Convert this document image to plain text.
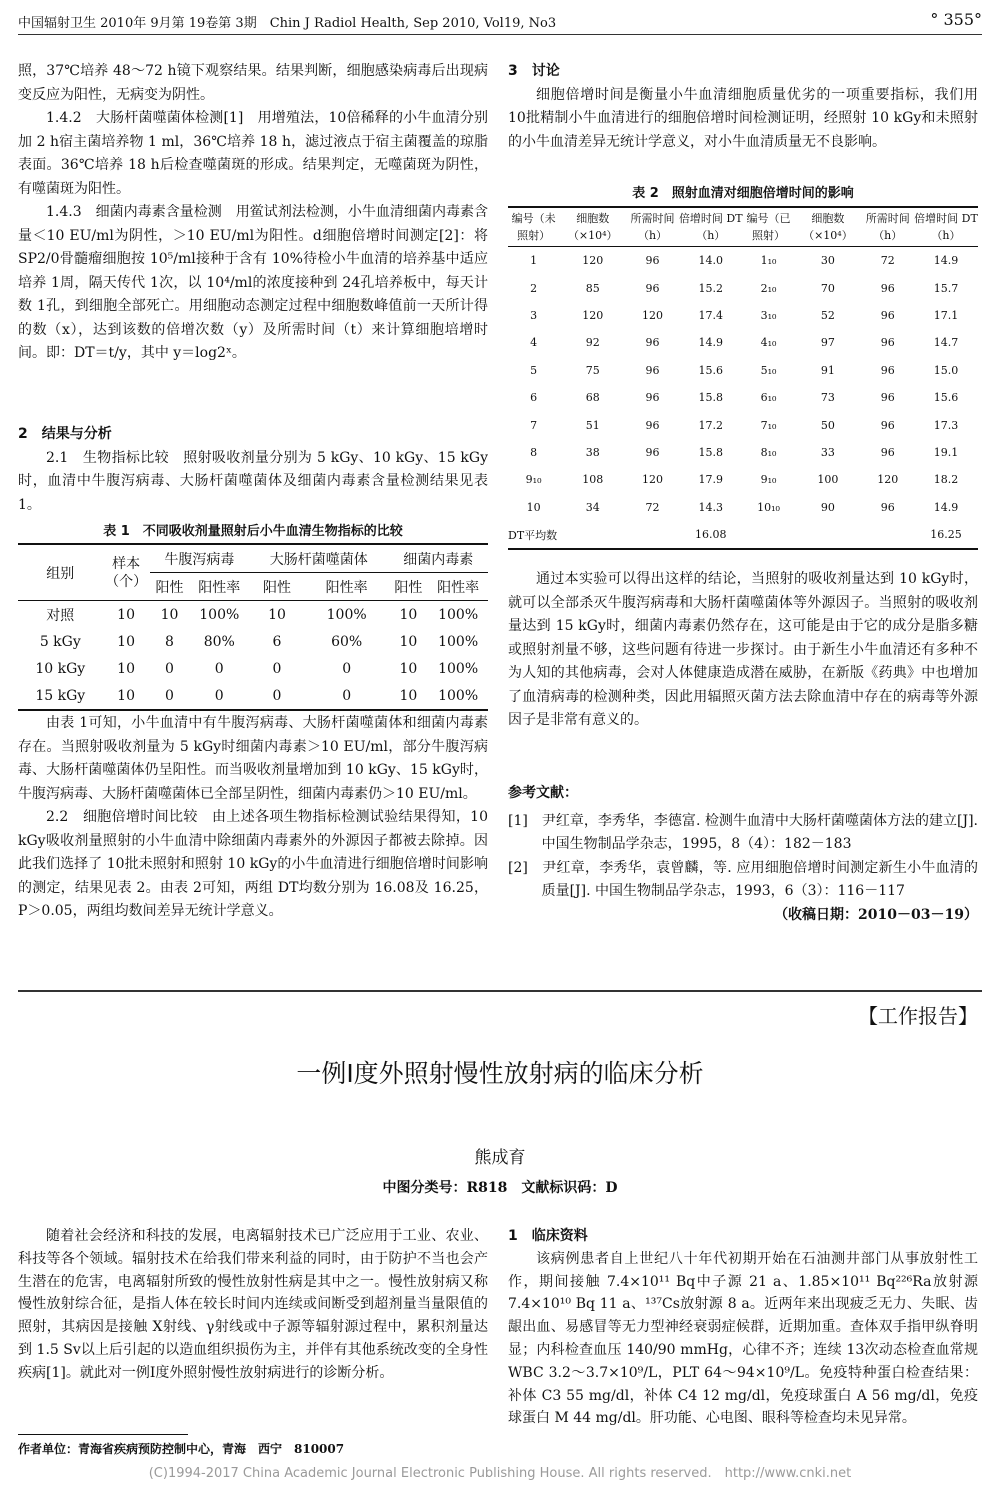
中国辐射卫生 2010年 9月第 19卷第 3期　Chin J Radiol Health, Sep 2010, Vol19, No3	° 355°

照，37℃培养 48～72 h镜下观察结果。结果判断，细胞感染病毒后出现病变反应为阳性，无病变为阴性。

1.4.2　大肠杆菌噬菌体检测[1]　用增殖法，10倍稀释的小牛血清分别加 2 h宿主菌培养物 1 ml，36℃培养 18 h，滤过液点于宿主菌覆盖的琼脂表面。36℃培养 18 h后检查噬菌斑的形成。结果判定，无噬菌斑为阴性，有噬菌斑为阳性。

1.4.3　细菌内毒素含量检测　用鲎试剂法检测，小牛血清细菌内毒素含量＜10 EU/ml为阴性，＞10 EU/ml为阳性。d细胞倍增时间测定[2]：将 SP2/0骨髓瘤细胞按 10⁵/ml接种于含有 10%待检小牛血清的培养基中适应培养 1周，隔天传代 1次，以 10⁴/ml的浓度接种到 24孔培养板中，每天计数 1孔，到细胞全部死亡。用细胞动态测定过程中细胞数峰值前一天所计得的数（x），达到该数的倍增次数（y）及所需时间（t）来计算细胞培增时间。即：DT＝t/y，其中 y＝log2ˣ。

2　结果与分析

2.1　生物指标比较　照射吸收剂量分别为 5 kGy、10 kGy、15 kGy时，血清中牛腹泻病毒、大肠杆菌噬菌体及细菌内毒素含量检测结果见表 1。

表 1　不同吸收剂量照射后小牛血清生物指标的比较

组别	样本（个）	牛腹泻病毒		大肠杆菌噬菌体		细菌内毒素	
		阳性	阳性率	阳性	阳性率	阳性	阳性率
对照	10	10	100%	10	100%	10	100%
5 kGy	10	8	80%	6	60%	10	100%
10 kGy	10	0	0	0	0	10	100%
15 kGy	10	0	0	0	0	10	100%

由表 1可知，小牛血清中有牛腹泻病毒、大肠杆菌噬菌体和细菌内毒素存在。当照射吸收剂量为 5 kGy时细菌内毒素＞10 EU/ml，部分牛腹泻病毒、大肠杆菌噬菌体仍呈阳性。而当吸收剂量增加到 10 kGy、15 kGy时，牛腹泻病毒、大肠杆菌噬菌体已全部呈阴性，细菌内毒素仍＞10 EU/ml。

2.2　细胞倍增时间比较　由上述各项生物指标检测试验结果得知，10 kGy吸收剂量照射的小牛血清中除细菌内毒素外的外源因子都被去除掉。因此我们选择了 10批未照射和照射 10 kGy的小牛血清进行细胞倍增时间影响的测定，结果见表 2。由表 2可知，两组 DT均数分别为 16.08及 16.25，P＞0.05，两组均数间差异无统计学意义。

3　讨论

细胞倍增时间是衡量小牛血清细胞质量优劣的一项重要指标，我们用 10批精制小牛血清进行的细胞倍增时间检测证明，经照射 10 kGy和未照射的小牛血清差异无统计学意义，对小牛血清质量无不良影响。

表 2　照射血清对细胞倍增时间的影响

编号（未照射）	细胞数（×10⁴）	所需时间（h）	倍增时间 DT（h）	编号（已照射）	细胞数（×10⁴）	所需时间（h）	倍增时间 DT（h）
1	120	96	14.0	1₁₀	30	72	14.9
2	85	96	15.2	2₁₀	70	96	15.7
3	120	120	17.4	3₁₀	52	96	17.1
4	92	96	14.9	4₁₀	97	96	14.7
5	75	96	15.6	5₁₀	91	96	15.0
6	68	96	15.8	6₁₀	73	96	15.6
7	51	96	17.2	7₁₀	50	96	17.3
8	38	96	15.8	8₁₀	33	96	19.1
9₁₀	108	120	17.9	9₁₀	100	120	18.2
10	34	72	14.3	10₁₀	90	96	14.9
DT平均数			16.08				16.25

通过本实验可以得出这样的结论，当照射的吸收剂量达到 10 kGy时，就可以全部杀灭牛腹泻病毒和大肠杆菌噬菌体等外源因子。当照射的吸收剂量达到 15 kGy时，细菌内毒素仍然存在，这可能是由于它的成分是脂多糖或照射剂量不够，这些问题有待进一步探讨。由于新生小牛血清还有多种不为人知的其他病毒，会对人体健康造成潜在威胁，在新版《药典》中也增加了血清病毒的检测种类，因此用辐照灭菌方法去除血清中存在的病毒等外源因子是非常有意义的。

参考文献：

[1]　尹红章，李秀华，李德富. 检测牛血清中大肠杆菌噬菌体方法的建立[J]. 中国生物制品学杂志，1995，8（4）：182－183

[2]　尹红章，李秀华，袁曾麟，等. 应用细胞倍增时间测定新生小牛血清的质量[J]. 中国生物制品学杂志，1993，6（3）：116－117

（收稿日期：2010－03－19）

【工作报告】
一例Ⅰ度外照射慢性放射病的临床分析
熊成育
中图分类号：R818　文献标识码：D

随着社会经济和科技的发展，电离辐射技术已广泛应用于工业、农业、科技等各个领域。辐射技术在给我们带来利益的同时，由于防护不当也会产生潜在的危害，电离辐射所致的慢性放射性病是其中之一。慢性放射病又称慢性放射综合征，是指人体在较长时间内连续或间断受到超剂量当量限值的照射，其病因是接触 X射线、γ射线或中子源等辐射源过程中，累积剂量达到 1.5 Sv以上后引起的以造血组织损伤为主，并伴有其他系统改变的全身性疾病[1]。就此对一例Ⅰ度外照射慢性放射病进行的诊断分析。

作者单位：青海省疾病预防控制中心，青海　西宁　810007

1　临床资料

该病例患者自上世纪八十年代初期开始在石油测井部门从事放射性工作，期间接触 7.4×10¹¹ Bq中子源 21 a、1.85×10¹¹ Bq²²⁶Ra放射源 7.4×10¹⁰ Bq 11 a、¹³⁷Cs放射源 8 a。近两年来出现疲乏无力、失眠、齿龈出血、易感冒等无力型神经衰弱症候群，近期加重。查体双手指甲纵脊明显；内科检查血压 140/90 mmHg，心律不齐；连续 13次动态检查血常规 WBC 3.2～3.7×10⁹/L，PLT 64～94×10⁹/L。免疫特种蛋白检查结果：补体 C3 55 mg/dl，补体 C4 12 mg/dl，免疫球蛋白 A 56 mg/dl，免疫球蛋白 M 44 mg/dl。肝功能、心电图、眼科等检查均未见异常。

(C)1994-2017 China Academic Journal Electronic Publishing House. All rights reserved.　http://www.cnki.net
